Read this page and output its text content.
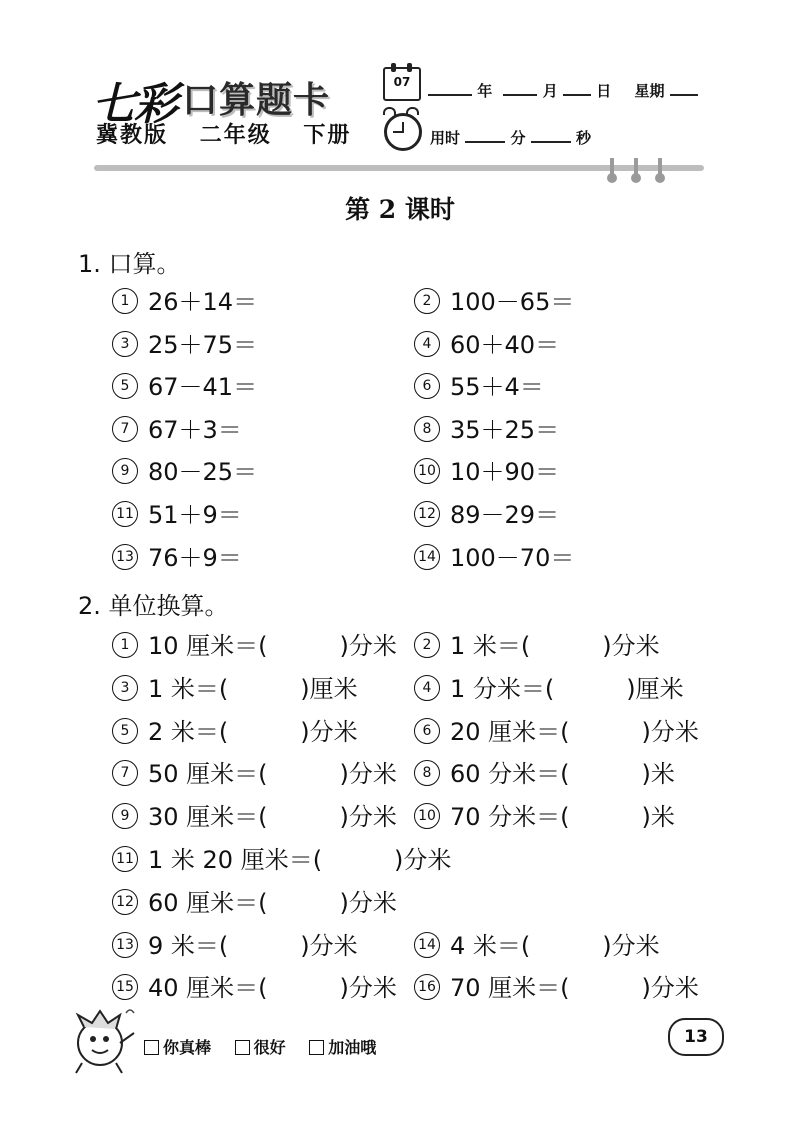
七彩 口算题卡
冀教版 二年级 下册
07	年	月	日 星期
用时	分	秒
第 2 课时
1. 口算。
1 26＋14＝	2 100－65＝
3 25＋75＝	4 60＋40＝
5 67－41＝	6 55＋4＝
7 67＋3＝	8 35＋25＝
9 80－25＝	10 10＋90＝
11 51＋9＝	12 89－29＝
13 76＋9＝	14 100－70＝
2. 单位换算。
1 10 厘米＝(　　　)分米	2 1 米＝(　　　)分米
3 1 米＝(　　　)厘米	4 1 分米＝(　　　)厘米
5 2 米＝(　　　)分米	6 20 厘米＝(　　　)分米
7 50 厘米＝(　　　)分米	8 60 分米＝(　　　)米
9 30 厘米＝(　　　)分米 10 70 分米＝(　　　)米
11 1 米 20 厘米＝(　　　)分米
12 60 厘米＝(　　　)分米
13 9 米＝(　　　)分米	14 4 米＝(　　　)分米
15 40 厘米＝(　　　)分米 16 70 厘米＝(　　　)分米
你真棒	很好	加油哦
13
